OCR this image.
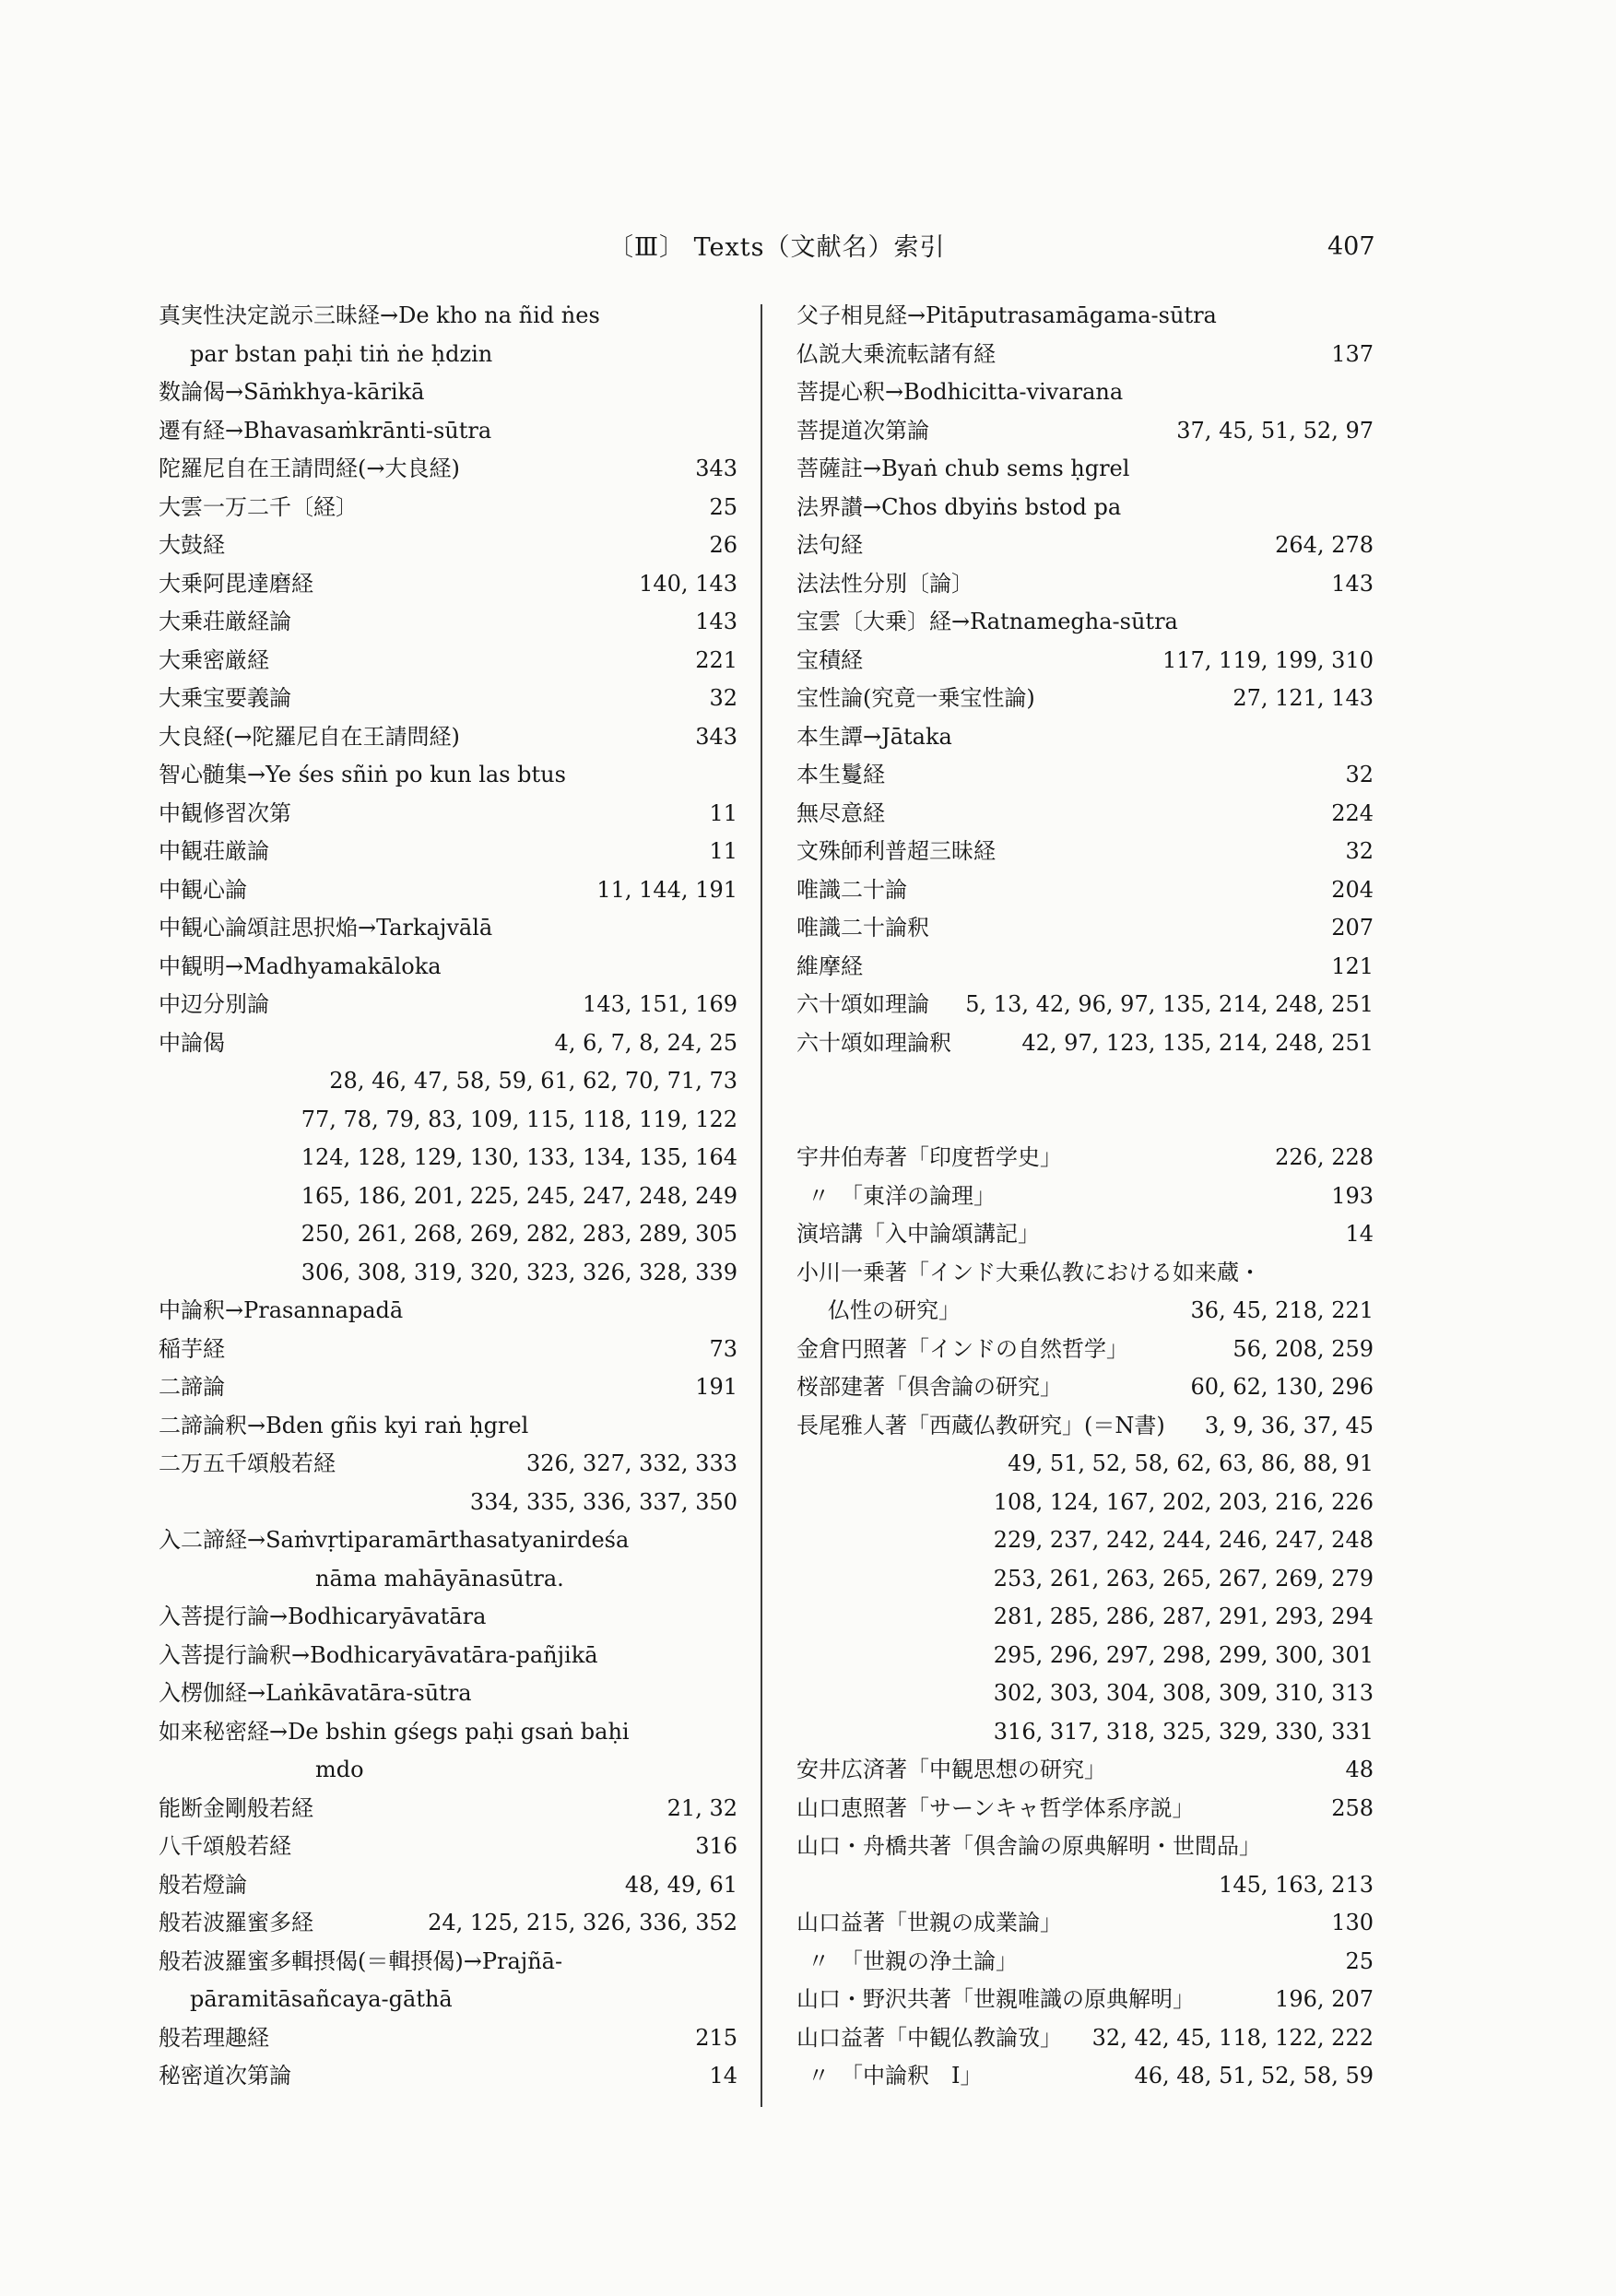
〔Ⅲ〕 Texts（文献名）索引	407
真実性決定説示三昧経→De kho na ñid ṅes
par bstan paḥi tiṅ ṅe ḥdzin
数論偈→Sāṁkhya-kārikā
遷有経→Bhavasaṁkrānti-sūtra
陀羅尼自在王請問経(→大良経)	343
大雲一万二千〔経〕	25
大鼓経	26
大乗阿毘達磨経	140, 143
大乗荘厳経論	143
大乗密厳経	221
大乗宝要義論	32
大良経(→陀羅尼自在王請問経)	343
智心髄集→Ye śes sñiṅ po kun las btus
中観修習次第	11
中観荘厳論	11
中観心論	11, 144, 191
中観心論頌註思択焔→Tarkajvālā
中観明→Madhyamakāloka
中辺分別論	143, 151, 169
中論偈	4, 6, 7, 8, 24, 25
28, 46, 47, 58, 59, 61, 62, 70, 71, 73
77, 78, 79, 83, 109, 115, 118, 119, 122
124, 128, 129, 130, 133, 134, 135, 164
165, 186, 201, 225, 245, 247, 248, 249
250, 261, 268, 269, 282, 283, 289, 305
306, 308, 319, 320, 323, 326, 328, 339
中論釈→Prasannapadā
稲芋経	73
二諦論	191
二諦論釈→Bden gñis kyi raṅ ḥgrel
二万五千頌般若経	326, 327, 332, 333
334, 335, 336, 337, 350
入二諦経→Saṁvṛtiparamārthasatyanirdeśa
nāma mahāyānasūtra.
入菩提行論→Bodhicaryāvatāra
入菩提行論釈→Bodhicaryāvatāra-pañjikā
入楞伽経→Laṅkāvatāra-sūtra
如来秘密経→De bshin gśegs paḥi gsaṅ baḥi
mdo
能断金剛般若経	21, 32
八千頌般若経	316
般若燈論	48, 49, 61
般若波羅蜜多経	24, 125, 215, 326, 336, 352
般若波羅蜜多輯摂偈(＝輯摂偈)→Prajñā-
pāramitāsañcaya-gāthā
般若理趣経	215
秘密道次第論	14
父子相見経→Pitāputrasamāgama-sūtra
仏説大乗流転諸有経	137
菩提心釈→Bodhicitta-vivarana
菩提道次第論	37, 45, 51, 52, 97
菩薩註→Byaṅ chub sems ḥgrel
法界讃→Chos dbyiṅs bstod pa
法句経	264, 278
法法性分別〔論〕	143
宝雲〔大乗〕経→Ratnamegha-sūtra
宝積経	117, 119, 199, 310
宝性論(究竟一乗宝性論)	27, 121, 143
本生譚→Jātaka
本生鬘経	32
無尽意経	224
文殊師利普超三昧経	32
唯識二十論	204
唯識二十論釈	207
維摩経	121
六十頌如理論 5, 13, 42, 96, 97, 135, 214, 248, 251
六十頌如理論釈	42, 97, 123, 135, 214, 248, 251
宇井伯寿著「印度哲学史」	226, 228
〃　「東洋の論理」	193
演培講「入中論頌講記」	14
小川一乗著「インド大乗仏教における如来蔵・
仏性の研究」	36, 45, 218, 221
金倉円照著「インドの自然哲学」	56, 208, 259
桜部建著「倶舎論の研究」	60, 62, 130, 296
長尾雅人著「西蔵仏教研究」(＝N書) 3, 9, 36, 37, 45
49, 51, 52, 58, 62, 63, 86, 88, 91
108, 124, 167, 202, 203, 216, 226
229, 237, 242, 244, 246, 247, 248
253, 261, 263, 265, 267, 269, 279
281, 285, 286, 287, 291, 293, 294
295, 296, 297, 298, 299, 300, 301
302, 303, 304, 308, 309, 310, 313
316, 317, 318, 325, 329, 330, 331
安井広済著「中観思想の研究」	48
山口恵照著「サーンキャ哲学体系序説」	258
山口・舟橋共著「倶舎論の原典解明・世間品」
145, 163, 213
山口益著「世親の成業論」	130
〃　「世親の浄土論」	25
山口・野沢共著「世親唯識の原典解明」	196, 207
山口益著「中観仏教論攷」 32, 42, 45, 118, 122, 222
〃　「中論釈　Ⅰ」	46, 48, 51, 52, 58, 59
